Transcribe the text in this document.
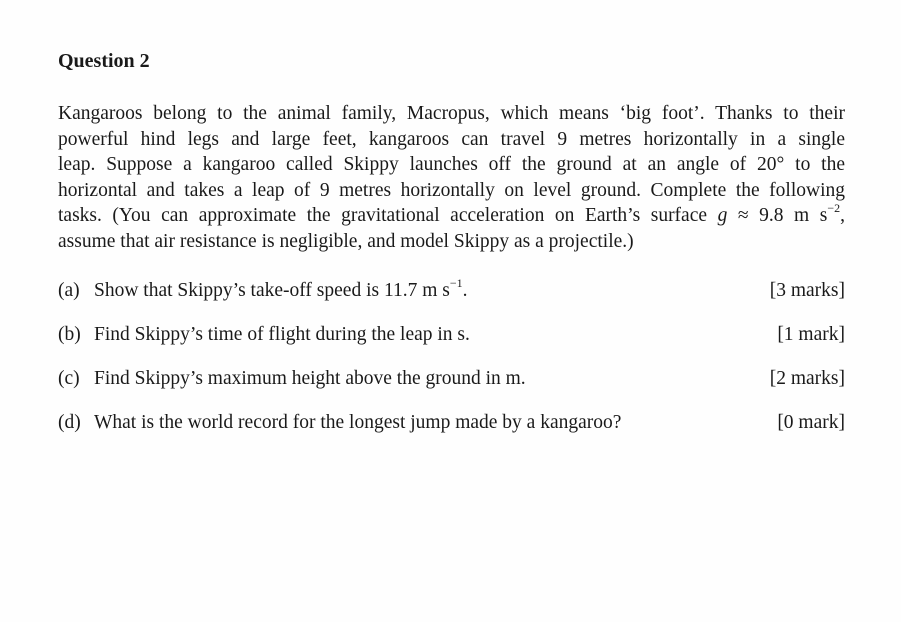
Question 2

Kangaroos belong to the animal family, Macropus, which means ‘big foot’. Thanks to their
powerful hind legs and large feet, kangaroos can travel 9 metres horizontally in a single
leap. Suppose a kangaroo called Skippy launches off the ground at an angle of 20° to the
horizontal and takes a leap of 9 metres horizontally on level ground. Complete the following
tasks. (You can approximate the gravitational acceleration on Earth’s surface g ≈ 9.8 m $s^{-2}$,
assume that air resistance is negligible, and model Skippy as a projectile.)

(a) Show that Skippy’s take-off speed is 11.7 m $s^{-1}$.	[3 marks]
(b) Find Skippy’s time of flight during the leap in s.	[1 mark]
(c) Find Skippy’s maximum height above the ground in m.	[2 marks]
(d) What is the world record for the longest jump made by a kangaroo?	[0 mark]
